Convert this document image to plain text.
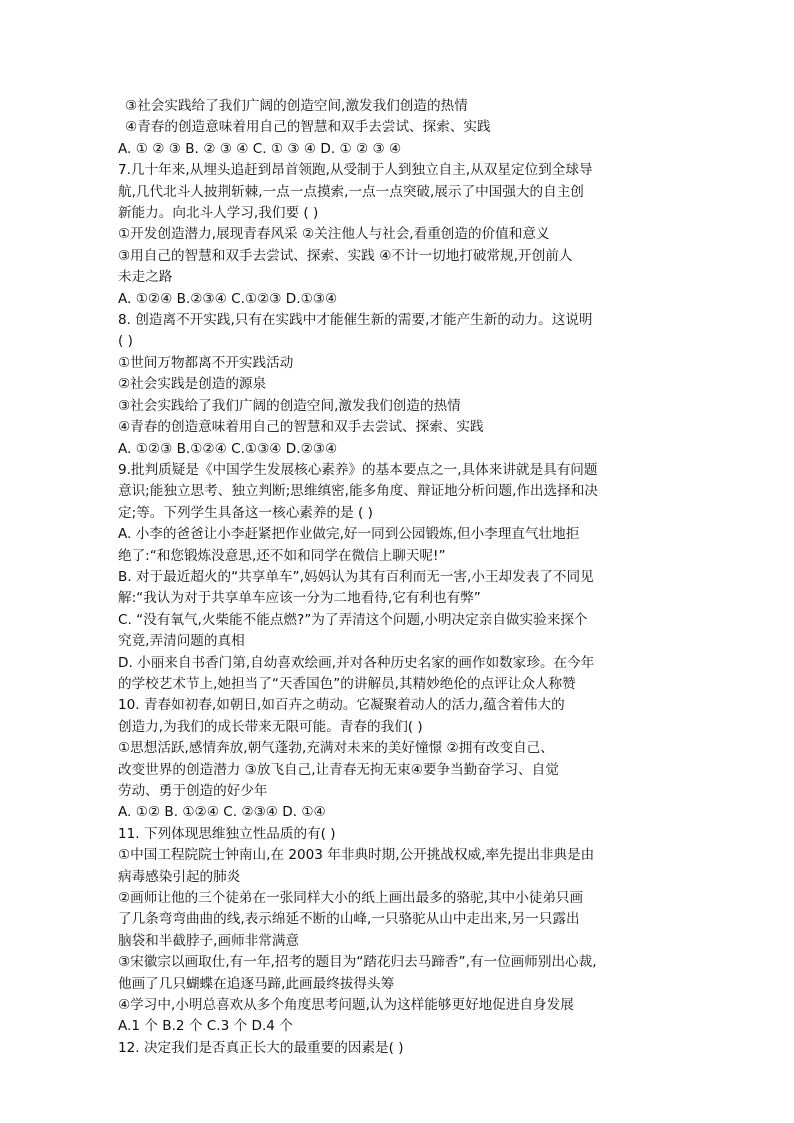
③社会实践给了我们广阔的创造空间,激发我们创造的热情
④青春的创造意味着用自己的智慧和双手去尝试、探索、实践
A. ① ② ③ B. ② ③ ④ C. ① ③ ④ D. ① ② ③ ④
7.几十年来,从埋头追赶到昂首领跑,从受制于人到独立自主,从双星定位到全球导
航,几代北斗人披荆斩棘,一点一点摸索,一点一点突破,展示了中国强大的自主创
新能力。向北斗人学习,我们要 ( )
①开发创造潜力,展现青春风采 ②关注他人与社会,看重创造的价值和意义
③用自己的智慧和双手去尝试、探索、实践 ④不计一切地打破常规,开创前人
未走之路
A. ①②④ B.②③④ C.①②③ D.①③④
8. 创造离不开实践,只有在实践中才能催生新的需要,才能产生新的动力。这说明
( )
①世间万物都离不开实践活动
②社会实践是创造的源泉
③社会实践给了我们广阔的创造空间,激发我们创造的热情
④青春的创造意味着用自己的智慧和双手去尝试、探索、实践
A. ①②③ B.①②④ C.①③④ D.②③④
9.批判质疑是《中国学生发展核心素养》的基本要点之一,具体来讲就是具有问题
意识;能独立思考、独立判断;思维缜密,能多角度、辩证地分析问题,作出选择和决
定;等。下列学生具备这一核心素养的是 ( )
A. 小李的爸爸让小李赶紧把作业做完,好一同到公园锻炼,但小李理直气壮地拒
绝了:“和您锻炼没意思,还不如和同学在微信上聊天呢!”
B. 对于最近超火的“共享单车”,妈妈认为其有百利而无一害,小王却发表了不同见
解:“我认为对于共享单车应该一分为二地看待,它有利也有弊”
C. “没有氧气,火柴能不能点燃?”为了弄清这个问题,小明决定亲自做实验来探个
究竟,弄清问题的真相
D. 小丽来自书香门第,自幼喜欢绘画,并对各种历史名家的画作如数家珍。在今年
的学校艺术节上,她担当了“天香国色”的讲解员,其精妙绝伦的点评让众人称赞
10. 青春如初春,如朝日,如百卉之萌动。它凝聚着动人的活力,蕴含着伟大的
创造力,为我们的成长带来无限可能。青春的我们( )
①思想活跃,感情奔放,朝气蓬勃,充满对未来的美好憧憬 ②拥有改变自己、
改变世界的创造潜力 ③放飞自己,让青春无拘无束④要争当勤奋学习、自觉
劳动、勇于创造的好少年
A. ①② B. ①②④ C. ②③④ D. ①④
11. 下列体现思维独立性品质的有( )
①中国工程院院士钟南山,在 2003 年非典时期,公开挑战权威,率先提出非典是由
病毒感染引起的肺炎
②画师让他的三个徒弟在一张同样大小的纸上画出最多的骆驼,其中小徒弟只画
了几条弯弯曲曲的线,表示绵延不断的山峰,一只骆驼从山中走出来,另一只露出
脑袋和半截脖子,画师非常满意
③宋徽宗以画取仕,有一年,招考的题目为“踏花归去马蹄香”,有一位画师别出心裁,
他画了几只蝴蝶在追逐马蹄,此画最终拔得头筹
④学习中,小明总喜欢从多个角度思考问题,认为这样能够更好地促进自身发展
A.1 个 B.2 个 C.3 个 D.4 个
12. 决定我们是否真正长大的最重要的因素是( )
